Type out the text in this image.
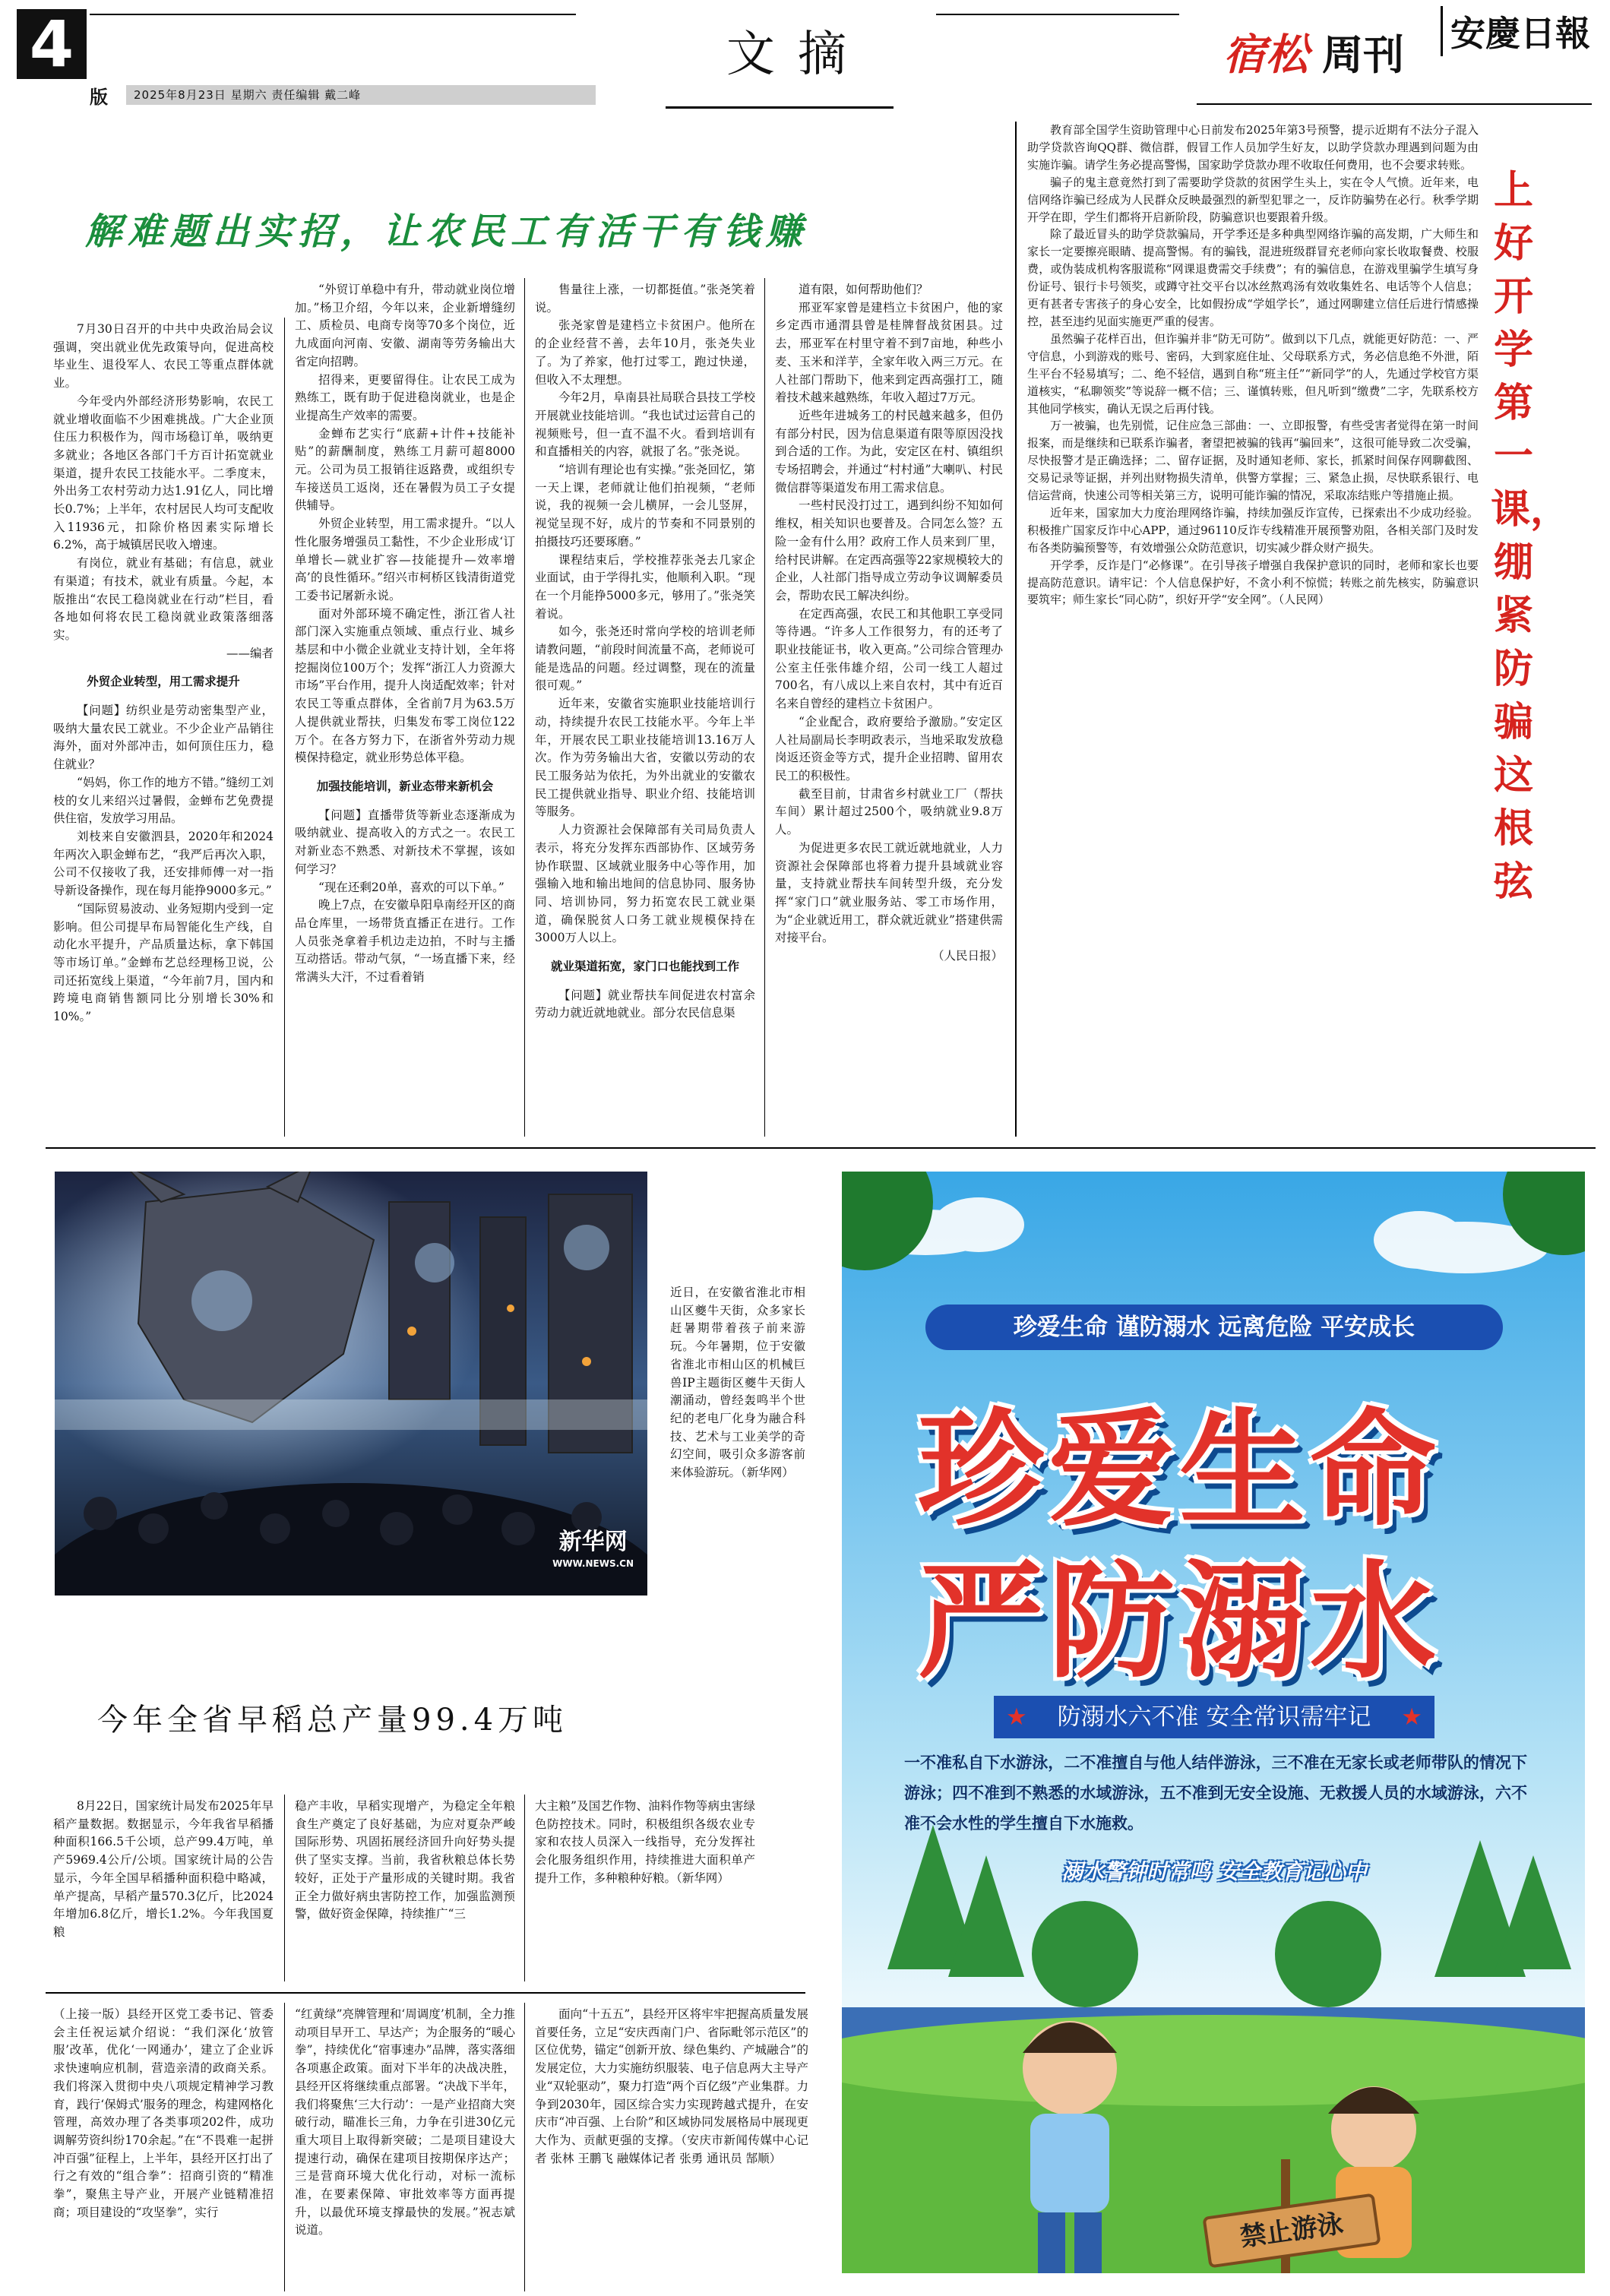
4
版	2025年8月23日 星期六 责任编辑 戴二峰
文摘	宿松 周刊 安慶日報
解难题出实招，让农民工有活干有钱赚

7月30日召开的中共中央政治局会议强调，突出就业优先政策导向，促进高校毕业生、退役军人、农民工等重点群体就业。

今年受内外部经济形势影响，农民工就业增收面临不少困难挑战。广大企业顶住压力积极作为，闯市场稳订单，吸纳更多就业；各地区各部门千方百计拓宽就业渠道，提升农民工技能水平。二季度末，外出务工农村劳动力达1.91亿人，同比增长0.7%；上半年，农村居民人均可支配收入11936元，扣除价格因素实际增长6.2%，高于城镇居民收入增速。

有岗位，就业有基础；有信息，就业有渠道；有技术，就业有质量。今起，本版推出“农民工稳岗就业在行动”栏目，看各地如何将农民工稳岗就业政策落细落实。

——编者

外贸企业转型，用工需求提升

【问题】纺织业是劳动密集型产业，吸纳大量农民工就业。不少企业产品销往海外，面对外部冲击，如何顶住压力，稳住就业？

“妈妈，你工作的地方不错。”缝纫工刘枝的女儿来绍兴过暑假，金蝉布艺免费提供住宿，发放学习用品。

刘枝来自安徽泗县，2020年和2024年两次入职金蝉布艺，“我严后再次入职，公司不仅接收了我，还安排师傅一对一指导新设备操作，现在每月能挣9000多元。”

“国际贸易波动、业务短期内受到一定影响。但公司提早布局智能化生产线，自动化水平提升，产品质量达标，拿下韩国等市场订单。”金蝉布艺总经理杨卫说，公司还拓宽线上渠道，“今年前7月，国内和跨境电商销售额同比分别增长30%和10%。”

“外贸订单稳中有升，带动就业岗位增加。”杨卫介绍，今年以来，企业新增缝纫工、质检员、电商专岗等70多个岗位，近九成面向河南、安徽、湖南等劳务输出大省定向招聘。

招得来，更要留得住。让农民工成为熟练工，既有助于促进稳岗就业，也是企业提高生产效率的需要。

金蝉布艺实行“底薪+计件+技能补贴”的薪酬制度，熟练工月薪可超8000元。公司为员工报销往返路费，或组织专车接送员工返岗，还在暑假为员工子女提供辅导。

外贸企业转型，用工需求提升。“以人性化服务增强员工黏性，不少企业形成‘订单增长—就业扩容—技能提升—效率增高’的良性循环。”绍兴市柯桥区钱清街道党工委书记屠新永说。

面对外部环境不确定性，浙江省人社部门深入实施重点领域、重点行业、城乡基层和中小微企业就业支持计划，全年将挖掘岗位100万个；发挥“浙江人力资源大市场”平台作用，提升人岗适配效率；针对农民工等重点群体，全省前7月为63.5万人提供就业帮扶，归集发布零工岗位122万个。在各方努力下，在浙省外劳动力规模保持稳定，就业形势总体平稳。

加强技能培训，新业态带来新机会

【问题】直播带货等新业态逐渐成为吸纳就业、提高收入的方式之一。农民工对新业态不熟悉、对新技术不掌握，该如何学习？

“现在还剩20单，喜欢的可以下单。”

晚上7点，在安徽阜阳阜南经开区的商品仓库里，一场带货直播正在进行。工作人员张尧拿着手机边走边拍，不时与主播互动搭话。带动气氛，“一场直播下来，经常满头大汗，不过看着销

售量往上涨，一切都挺值。”张尧笑着说。

张尧家曾是建档立卡贫困户。他所在的企业经营不善，去年10月，张尧失业了。为了养家，他打过零工，跑过快递，但收入不太理想。

今年2月，阜南县社局联合县技工学校开展就业技能培训。“我也试过运营自己的视频账号，但一直不温不火。看到培训有和直播相关的内容，就报了名。”张尧说。

“培训有理论也有实操。”张尧回忆，第一天上课，老师就让他们拍视频，“老师说，我的视频一会儿横屏，一会儿竖屏，视觉呈现不好，成片的节奏和不同景别的拍摄技巧还要琢磨。”

课程结束后，学校推荐张尧去几家企业面试，由于学得扎实，他顺利入职。“现在一个月能挣5000多元，够用了。”张尧笑着说。

如今，张尧还时常向学校的培训老师请教问题，“前段时间流量不高，老师说可能是选品的问题。经过调整，现在的流量很可观。”

近年来，安徽省实施职业技能培训行动，持续提升农民工技能水平。今年上半年，开展农民工职业技能培训13.16万人次。作为劳务输出大省，安徽以劳动的农民工服务站为依托，为外出就业的安徽农民工提供就业指导、职业介绍、技能培训等服务。

人力资源社会保障部有关司局负责人表示，将充分发挥东西部协作、区域劳务协作联盟、区域就业服务中心等作用，加强输入地和输出地间的信息协同、服务协同、培训协同，努力拓宽农民工就业渠道，确保脱贫人口务工就业规模保持在3000万人以上。

就业渠道拓宽，家门口也能找到工作

【问题】就业帮扶车间促进农村富余劳动力就近就地就业。部分农民信息渠

道有限，如何帮助他们？

邢亚军家曾是建档立卡贫困户，他的家乡定西市通渭县曾是桂牌督战贫困县。过去，邢亚军在村里守着不到7亩地，种些小麦、玉米和洋芋，全家年收入两三万元。在人社部门帮助下，他来到定西高强打工，随着技术越来越熟练，年收入超过7万元。

近些年进城务工的村民越来越多，但仍有部分村民，因为信息渠道有限等原因没找到合适的工作。为此，安定区在村、镇组织专场招聘会，并通过“村村通”大喇叭、村民微信群等渠道发布用工需求信息。

一些村民没打过工，遇到纠纷不知如何维权，相关知识也要普及。合同怎么签？五险一金有什么用？政府工作人员来到厂里，给村民讲解。在定西高强等22家规模较大的企业，人社部门指导成立劳动争议调解委员会，帮助农民工解决纠纷。

在定西高强，农民工和其他职工享受同等待遇。“许多人工作很努力，有的还考了职业技能证书，收入更高。”公司综合管理办公室主任张伟雄介绍，公司一线工人超过700名，有八成以上来自农村，其中有近百名来自曾经的建档立卡贫困户。

“企业配合，政府要给予激励。”安定区人社局副局长李明政表示，当地采取发放稳岗返还资金等方式，提升企业招聘、留用农民工的积极性。

截至目前，甘肃省乡村就业工厂（帮扶车间）累计超过2500个，吸纳就业9.8万人。

为促进更多农民工就近就地就业，人力资源社会保障部也将着力提升县域就业容量，支持就业帮扶车间转型升级，充分发挥“家门口”就业服务站、零工市场作用，为“企业就近用工，群众就近就业”搭建供需对接平台。

（人民日报）

教育部全国学生资助管理中心日前发布2025年第3号预警，提示近期有不法分子混入助学贷款咨询QQ群、微信群，假冒工作人员加学生好友，以助学贷款办理遇到问题为由实施诈骗。请学生务必提高警惕，国家助学贷款办理不收取任何费用，也不会要求转账。

骗子的鬼主意竟然打到了需要助学贷款的贫困学生头上，实在令人气愤。近年来，电信网络诈骗已经成为人民群众反映最强烈的新型犯罪之一，反诈防骗势在必行。秋季学期开学在即，学生们都将开启新阶段，防骗意识也要跟着升级。

除了最近冒头的助学贷款骗局，开学季还是多种典型网络诈骗的高发期，广大师生和家长一定要擦亮眼睛、提高警惕。有的骗钱，混进班级群冒充老师向家长收取餐费、校服费，或伪装成机构客服谎称“网课退费需交手续费”；有的骗信息，在游戏里骗学生填写身份证号、银行卡号领奖，或蹲守社交平台以冰丝熬鸡汤有效收集姓名、电话等个人信息；更有甚者专害孩子的身心安全，比如假扮成“学姐学长”，通过网聊建立信任后进行情感操控，甚至违约见面实施更严重的侵害。

虽然骗子花样百出，但诈骗并非“防无可防”。做到以下几点，就能更好防范：一、严守信息，小到游戏的账号、密码，大到家庭住址、父母联系方式，务必信息绝不外泄，陌生平台不轻易填写；二、绝不轻信，遇到自称“班主任”“新同学”的人，先通过学校官方渠道核实，“私聊领奖”等说辞一概不信；三、谨慎转账，但凡听到“缴费”二字，先联系校方其他同学核实，确认无误之后再付钱。

万一被骗，也先别慌，记住应急三部曲：一、立即报警，有些受害者觉得在第一时间报案，而是继续和已联系诈骗者，奢望把被骗的钱再“骗回来”，这很可能导致二次受骗，尽快报警才是正确选择；二、留存证据，及时通知老师、家长，抓紧时间保存网聊截图、交易记录等证据，并列出财物损失清单，供警方掌握；三、紧急止损，尽快联系银行、电信运营商，快速公司等相关第三方，说明可能诈骗的情况，采取冻结账户等措施止损。

近年来，国家加大力度治理网络诈骗，持续加强反诈宣传，已探索出不少成功经验。积极推广国家反诈中心APP，通过96110反诈专线精准开展预警劝阻，各相关部门及时发布各类防骗预警等，有效增强公众防范意识，切实减少群众财产损失。

开学季，反诈是门“必修课”。在引导孩子增强自我保护意识的同时，老师和家长也要提高防范意识。请牢记：个人信息保护好，不贪小利不惊慌；转账之前先核实，防骗意识要筑牢；师生家长“同心防”，织好开学“安全网”。（人民网）

上好开学第一课，绷紧防骗这根弦
新华网
WWW.NEWS.CN
近日，在安徽省淮北市相山区夔牛天街，众多家长赶暑期带着孩子前来游玩。今年暑期，位于安徽省淮北市相山区的机械巨兽IP主题街区夔牛天街人潮涌动，曾经轰鸣半个世纪的老电厂化身为融合科技、艺术与工业美学的奇幻空间，吸引众多游客前来体验游玩。（新华网）
今年全省早稻总产量99.4万吨

8月22日，国家统计局发布2025年早稻产量数据。数据显示，今年我省早稻播种面积166.5千公顷，总产99.4万吨，单产5969.4公斤/公顷。国家统计局的公告显示，今年全国早稻播种面积稳中略减，单产提高，早稻产量570.3亿斤，比2024年增加6.8亿斤，增长1.2%。今年我国夏粮

稳产丰收，早稻实现增产，为稳定全年粮食生产奠定了良好基础，为应对夏杂严峻国际形势、巩固拓展经济回升向好势头提供了坚实支撑。当前，我省秋粮总体长势较好，正处于产量形成的关键时期。我省正全力做好病虫害防控工作，加强监测预警，做好资金保障，持续推广“三

大主粮”及国艺作物、油料作物等病虫害绿色防控技术。同时，积极组织各级农业专家和农技人员深入一线指导，充分发挥社会化服务组织作用，持续推进大面积单产提升工作，多种粮种好粮。（新华网）

（上接一版）县经开区党工委书记、管委会主任祝运斌介绍说：“我们深化‘放管服’改革，优化‘一网通办’，建立了企业诉求快速响应机制，营造亲清的政商关系。我们将深入贯彻中央八项规定精神学习教育，践行‘保姆式’服务的理念，构建网格化管理，高效办理了各类事项202件，成功调解劳资纠纷170余起。”在“不畏难一起拼冲百强”征程上，上半年，县经开区打出了行之有效的“组合拳”：招商引资的“精准拳”，聚焦主导产业，开展产业链精准招商；项目建设的“攻坚拳”，实行

“红黄绿”亮牌管理和‘周调度’机制，全力推动项目早开工、早达产；为企服务的“暖心拳”，持续优化“宿事速办”品牌，落实落细各项惠企政策。面对下半年的决战决胜，县经开区将继续重点部署。“决战下半年，我们将聚焦‘三大行动’：一是产业招商大突破行动，瞄准长三角，力争在引进30亿元重大项目上取得新突破；二是项目建设大提速行动，确保在建项目按期保序达产；三是营商环境大优化行动，对标一流标准，在要素保障、审批效率等方面再提升，以最优环境支撑最快的发展。”祝志斌说道。

面向“十五五”，县经开区将牢牢把握高质量发展首要任务，立足“安庆西南门户、省际毗邻示范区”的区位优势，锚定“创新开放、绿色集约、产城融合”的发展定位，大力实施纺织服装、电子信息两大主导产业“双轮驱动”，聚力打造“两个百亿级”产业集群。力争到2030年，园区综合实力实现跨越式提升，在安庆市“冲百强、上台阶”和区域协同发展格局中展现更大作为、贡献更强的支撑。（安庆市新闻传媒中心记者 张林 王鹏飞 融媒体记者 张勇 通讯员 郜顺）

珍爱生命 谨防溺水 远离危险 平安成长
珍爱生命
严防溺水
★ 防溺水六不准 安全常识需牢记 ★
一不准私自下水游泳，二不准擅自与他人结伴游泳，三不准在无家长或老师带队的情况下游泳；四不准到不熟悉的水域游泳，五不准到无安全设施、无救援人员的水域游泳，六不准不会水性的学生擅自下水施救。
溺水警钟时常鸣 安全教育记心中
禁止游泳
